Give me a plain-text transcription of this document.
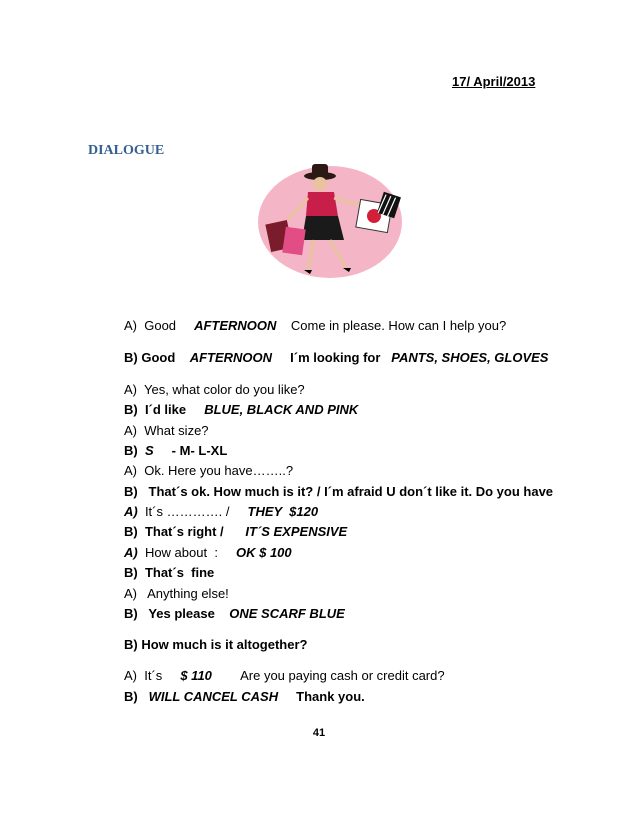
17/ April/2013
DIALOGUE
A)  Good     AFTERNOON    Come in please. How can I help you?
B) Good    AFTERNOON     I´m looking for   PANTS, SHOES, GLOVES
A)  Yes, what color do you like?
B)  I´d like     BLUE, BLACK AND PINK
A)  What size?
B)  S     - M- L-XL
A)  Ok. Here you have……..?
B)   That´s ok. How much is it? / I´m afraid U don´t like it. Do you have
A)  It´s …………. /     THEY  $120
B)  That´s right /      IT´S EXPENSIVE
A)  How about  :     OK $ 100
B)  That´s  fine
A)   Anything else!
B)   Yes please    ONE SCARF BLUE
B) How much is it altogether?
A)  It´s     $ 110        Are you paying cash or credit card?
B)   WILL CANCEL CASH     Thank you.
41
